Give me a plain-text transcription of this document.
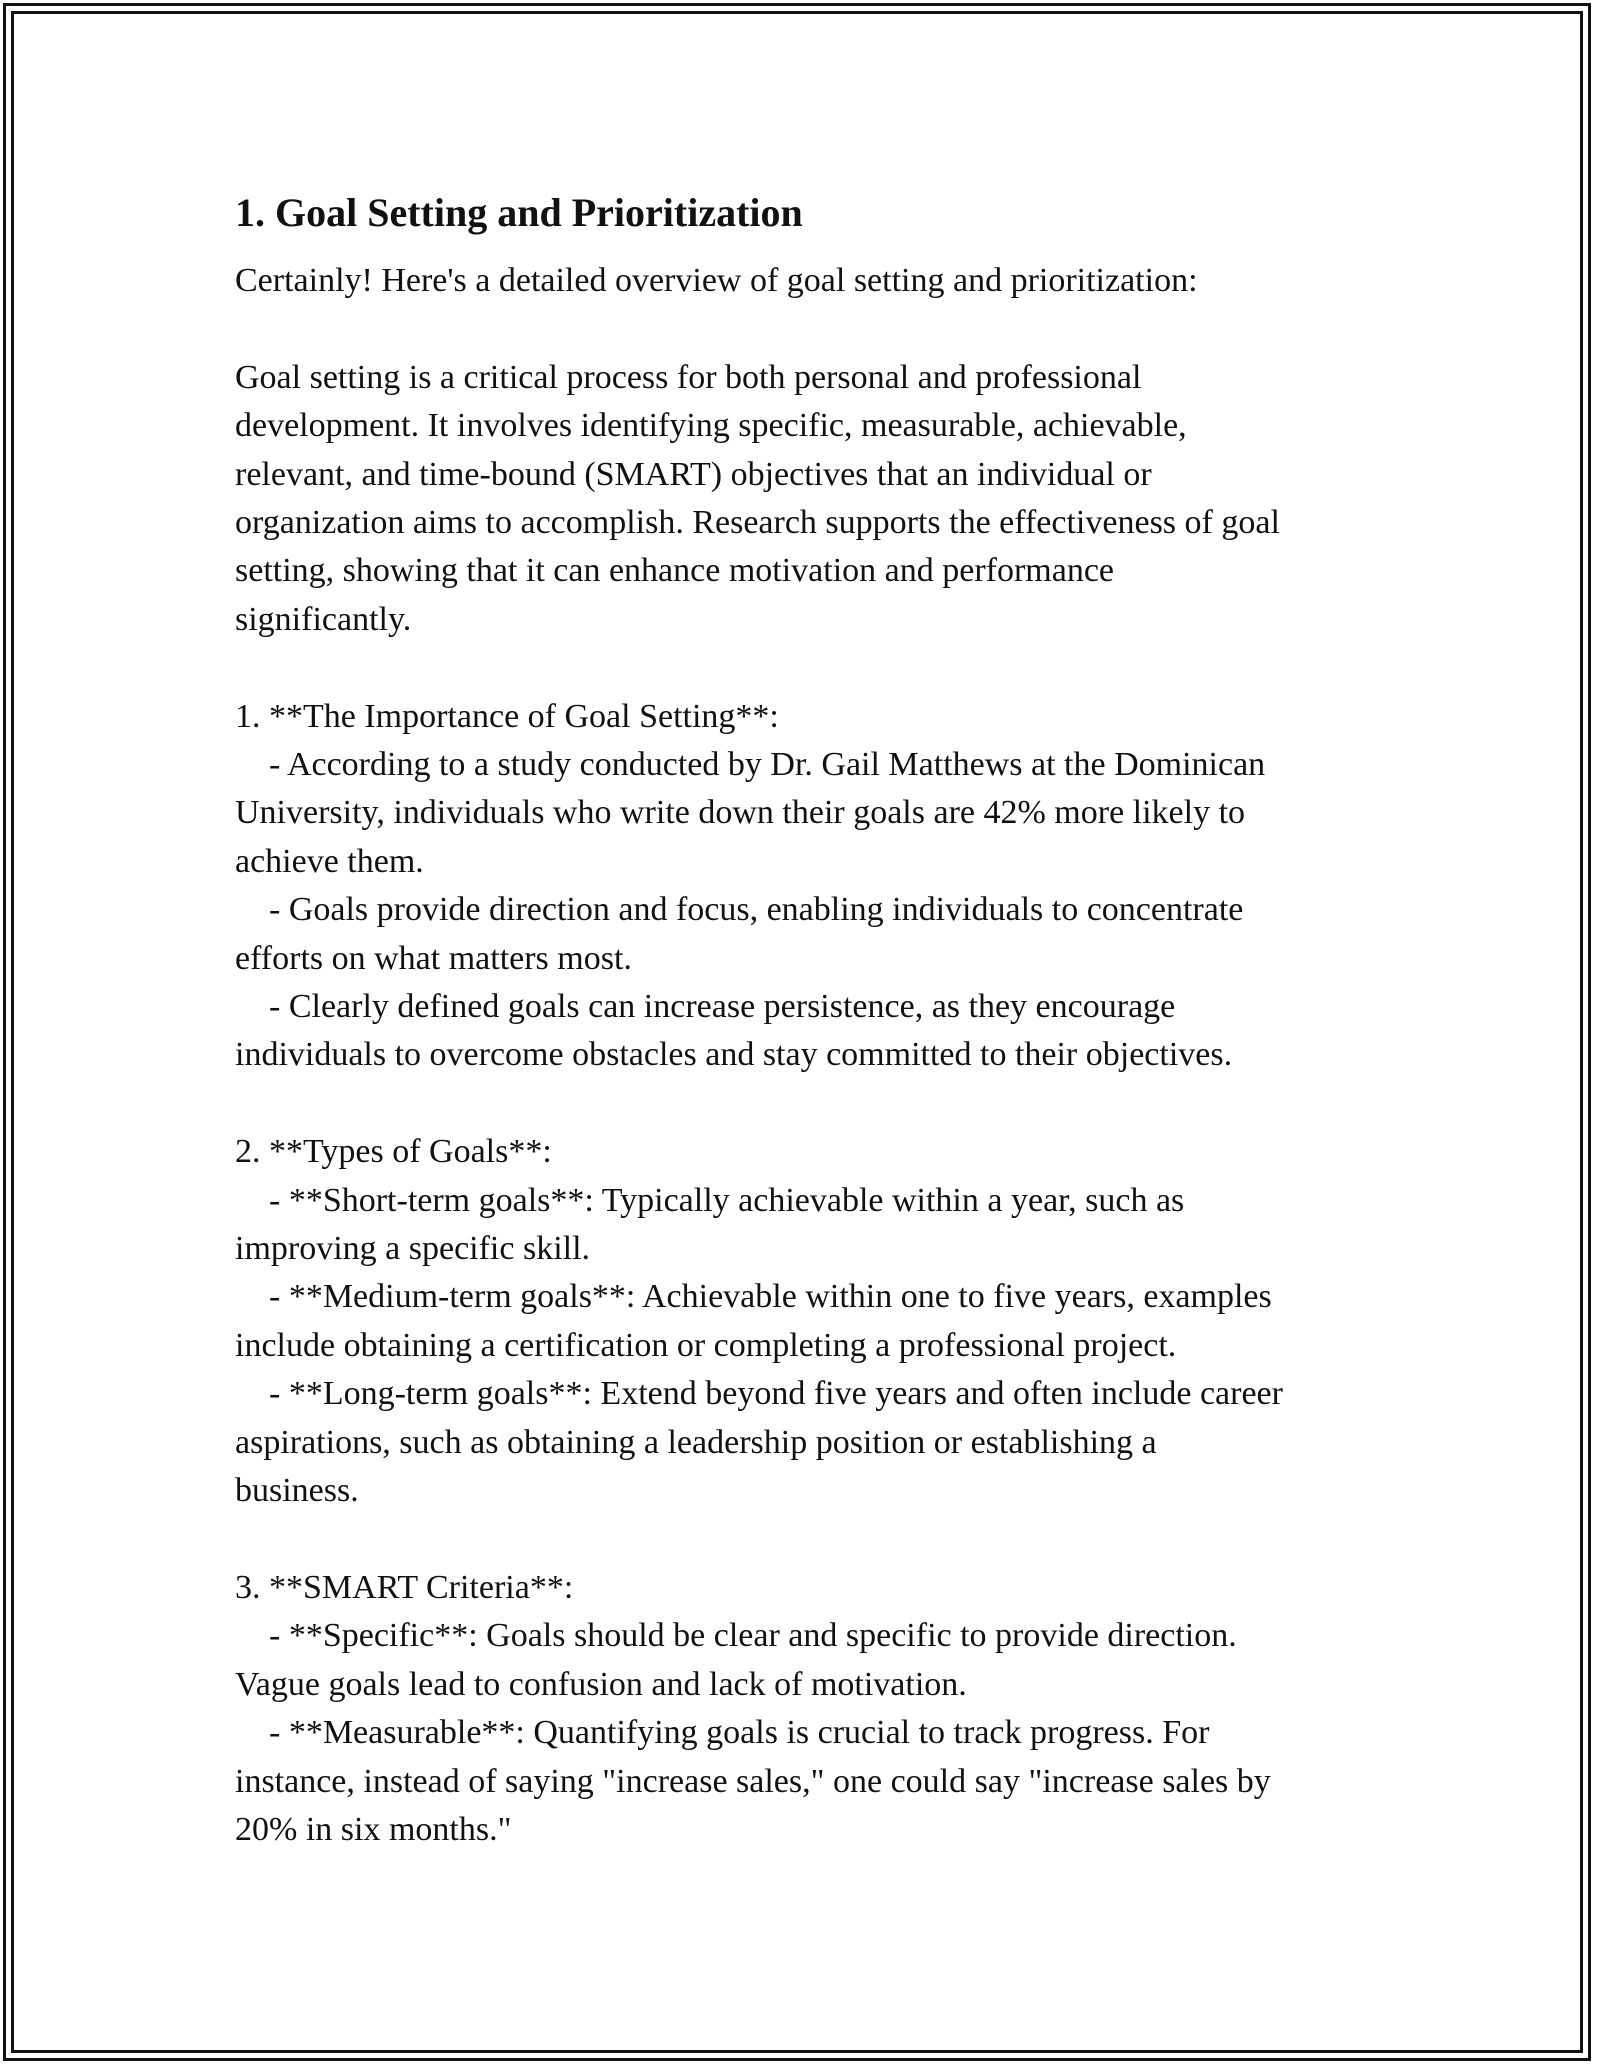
1. Goal Setting and Prioritization

Certainly! Here's a detailed overview of goal setting and prioritization:

Goal setting is a critical process for both personal and professional

development. It involves identifying specific, measurable, achievable,

relevant, and time-bound (SMART) objectives that an individual or

organization aims to accomplish. Research supports the effectiveness of goal

setting, showing that it can enhance motivation and performance

significantly.

1. **The Importance of Goal Setting**:

- According to a study conducted by Dr. Gail Matthews at the Dominican

University, individuals who write down their goals are 42% more likely to

achieve them.

- Goals provide direction and focus, enabling individuals to concentrate

efforts on what matters most.

- Clearly defined goals can increase persistence, as they encourage

individuals to overcome obstacles and stay committed to their objectives.

2. **Types of Goals**:

- **Short-term goals**: Typically achievable within a year, such as

improving a specific skill.

- **Medium-term goals**: Achievable within one to five years, examples

include obtaining a certification or completing a professional project.

- **Long-term goals**: Extend beyond five years and often include career

aspirations, such as obtaining a leadership position or establishing a

business.

3. **SMART Criteria**:

- **Specific**: Goals should be clear and specific to provide direction.

Vague goals lead to confusion and lack of motivation.

- **Measurable**: Quantifying goals is crucial to track progress. For

instance, instead of saying "increase sales," one could say "increase sales by

20% in six months."
